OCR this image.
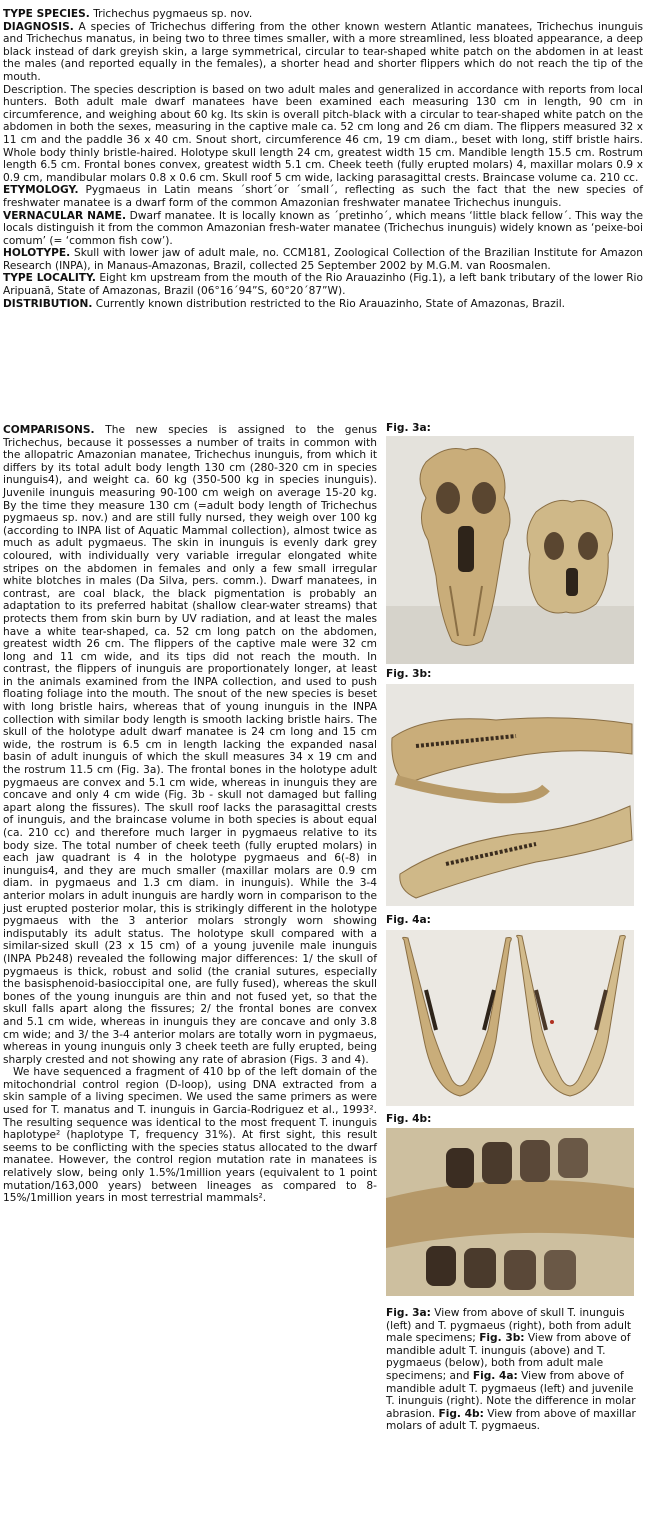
TYPE SPECIES. Trichechus pygmaeus sp. nov.

DIAGNOSIS. A species of Trichechus differing from the other known western Atlantic manatees, Trichechus inunguis and Trichechus manatus, in being two to three times smaller, with a more streamlined, less bloated appearance, a deep black instead of dark greyish skin, a large symmetrical, circular to tear-shaped white patch on the abdomen in at least the males (and reported equally in the females), a shorter head and shorter flippers which do not reach the tip of the mouth.

Description. The species description is based on two adult males and generalized in accordance with reports from local hunters. Both adult male dwarf manatees have been examined each measuring 130 cm in length, 90 cm in circumference, and weighing about 60 kg. Its skin is overall pitch-black with a circular to tear-shaped white patch on the abdomen in both the sexes, measuring in the captive male ca. 52 cm long and 26 cm diam. The flippers measured 32 x 11 cm and the paddle 36 x 40 cm. Snout short, circumference 46 cm, 19 cm diam., beset with long, stiff bristle hairs. Whole body thinly bristle-haired. Holotype skull length 24 cm, greatest width 15 cm. Mandible length 15.5 cm. Rostrum length 6.5 cm. Frontal bones convex, greatest width 5.1 cm. Cheek teeth (fully erupted molars) 4, maxillar molars 0.9 x 0.9 cm, mandibular molars 0.8 x 0.6 cm. Skull roof 5 cm wide, lacking parasagittal crests. Braincase volume ca. 210 cc.

ETYMOLOGY. Pygmaeus in Latin means ´short´or ´small´, reflecting as such the fact that the new species of freshwater manatee is a dwarf form of the common Amazonian freshwater manatee Trichechus inunguis.

VERNACULAR NAME. Dwarf manatee. It is locally known as ´pretinho´, which means ‘little black fellow´. This way the locals distinguish it from the common Amazonian fresh-water manatee (Trichechus inunguis) widely known as ‘peixe-boi comum’ (= ‘common fish cow’).

HOLOTYPE. Skull with lower jaw of adult male, no. CCM181, Zoological Collection of the Brazilian Institute for Amazon Research (INPA), in Manaus-Amazonas, Brazil, collected 25 September 2002 by M.G.M. van Roosmalen.

TYPE LOCALITY. Eight km upstream from the mouth of the Rio Arauazinho (Fig.1), a left bank tributary of the lower Rio Aripuanã, State of Amazonas, Brazil (06°16´94”S, 60°20´87”W).

DISTRIBUTION. Currently known distribution restricted to the Rio Arauazinho, State of Amazonas, Brazil.

COMPARISONS. The new species is assigned to the genus Trichechus, because it possesses a number of traits in common with the allopatric Amazonian manatee, Trichechus inunguis, from which it differs by its total adult body length 130 cm (280-320 cm in species inunguis4), and weight ca. 60 kg (350-500 kg in species inunguis). Juvenile inunguis measuring 90-100 cm weigh on average 15-20 kg. By the time they measure 130 cm (=adult body length of Trichechus pygmaeus sp. nov.) and are still fully nursed, they weigh over 100 kg (according to INPA list of Aquatic Mammal collection), almost twice as much as adult pygmaeus. The skin in inunguis is evenly dark grey coloured, with individually very variable irregular elongated white stripes on the abdomen in females and only a few small irregular white blotches in males (Da Silva, pers. comm.). Dwarf manatees, in contrast, are coal black, the black pigmentation is probably an adaptation to its preferred habitat (shallow clear-water streams) that protects them from skin burn by UV radiation, and at least the males have a white tear-shaped, ca. 52 cm long patch on the abdomen, greatest width 26 cm. The flippers of the captive male were 32 cm long and 11 cm wide, and its tips did not reach the mouth. In contrast, the flippers of inunguis are proportionately longer, at least in the animals examined from the INPA collection, and used to push floating foliage into the mouth. The snout of the new species is beset with long bristle hairs, whereas that of young inunguis in the INPA collection with similar body length is smooth lacking bristle hairs. The skull of the holotype adult dwarf manatee is 24 cm long and 15 cm wide, the rostrum is 6.5 cm in length lacking the expanded nasal basin of adult inunguis of which the skull measures 34 x 19 cm and the rostrum 11.5 cm (Fig. 3a). The frontal bones in the holotype adult pygmaeus are convex and 5.1 cm wide, whereas in inunguis they are concave and only 4 cm wide (Fig. 3b - skull not damaged but falling apart along the fissures). The skull roof lacks the parasagittal crests of inunguis, and the braincase volume in both species is about equal (ca. 210 cc) and therefore much larger in pygmaeus relative to its body size. The total number of cheek teeth (fully erupted molars) in each jaw quadrant is 4 in the holotype pygmaeus and 6(-8) in inunguis4, and they are much smaller (maxillar molars are 0.9 cm diam. in pygmaeus and 1.3 cm diam. in inunguis). While the 3-4 anterior molars in adult inunguis are hardly worn in comparison to the just erupted posterior molar, this is strikingly different in the holotype pygmaeus with the 3 anterior molars strongly worn showing indisputably its adult status. The holotype skull compared with a similar-sized skull (23 x 15 cm) of a young juvenile male inunguis (INPA Pb248) revealed the following major differences: 1/ the skull of pygmaeus is thick, robust and solid (the cranial sutures, especially the basisphenoid-basioccipital one, are fully fused), whereas the skull bones of the young inunguis are thin and not fused yet, so that the skull falls apart along the fissures; 2/ the frontal bones are convex and 5.1 cm wide, whereas in inunguis they are concave and only 3.8 cm wide; and 3/ the 3-4 anterior molars are totally worn in pygmaeus, whereas in young inunguis only 3 cheek teeth are fully erupted, being sharply crested and not showing any rate of abrasion (Figs. 3 and 4).

We have sequenced a fragment of 410 bp of the left domain of the mitochondrial control region (D-loop), using DNA extracted from a skin sample of a living specimen. We used the same primers as were used for T. manatus and T. inunguis in Garcia-Rodriguez et al., 1993². The resulting sequence was identical to the most frequent T. inunguis haplotype² (haplotype T, frequency 31%). At first sight, this result seems to be conflicting with the species status allocated to the dwarf manatee. However, the control region mutation rate in manatees is relatively slow, being only 1.5%/1million years (equivalent to 1 point mutation/163,000 years) between lineages as compared to 8-15%/1million years in most terrestrial mammals².

Fig. 3a:
Fig. 3b:
Fig. 4a:
Fig. 4b:
Fig. 3a: View from above of skull T. inunguis (left) and T. pygmaeus (right), both from adult male specimens; Fig. 3b: View from above of mandible adult T. inunguis (above) and T. pygmaeus (below), both from adult male specimens; and Fig. 4a: View from above of mandible adult T. pygmaeus (left) and juvenile T. inunguis (right). Note the difference in molar abrasion. Fig. 4b: View from above of maxillar molars of adult T. pygmaeus.
